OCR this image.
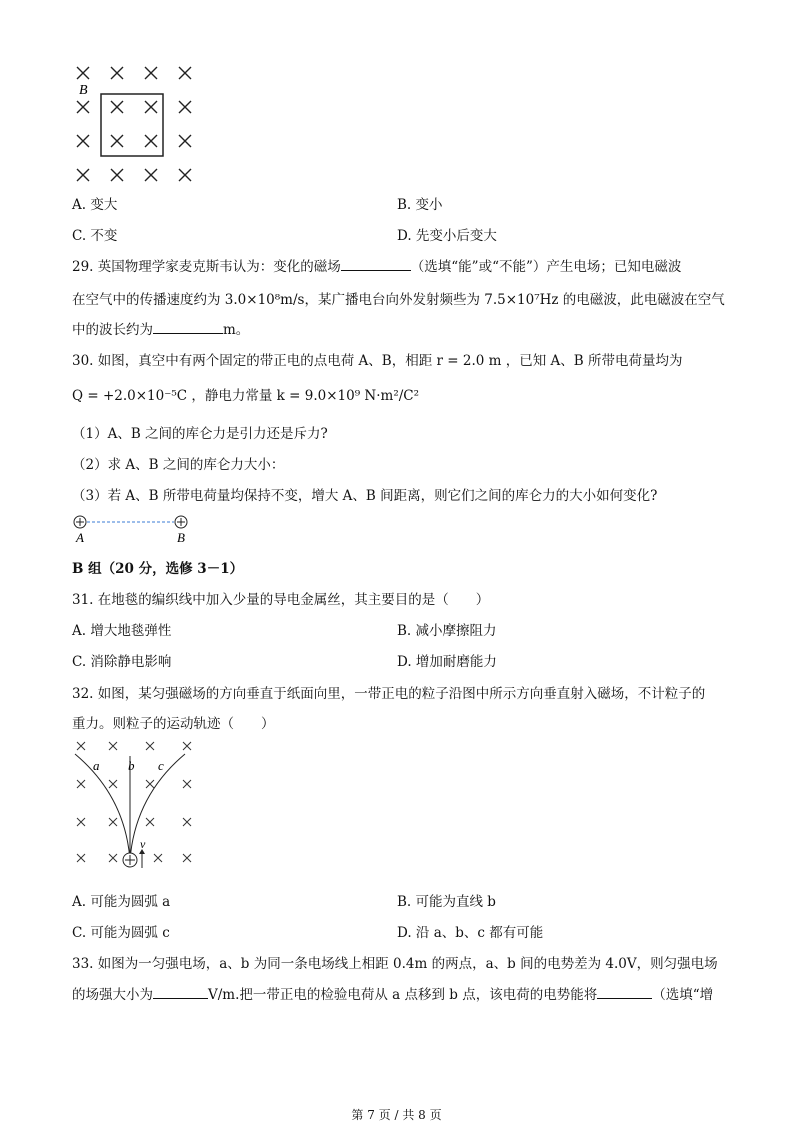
B
A. 变大	B. 变小
C. 不变	D. 先变小后变大
29. 英国物理学家麦克斯韦认为：变化的磁场	（选填“能”或“不能”）产生电场；已知电磁波
在空气中的传播速度约为 3.0×10⁸m/s，某广播电台向外发射频些为 7.5×10⁷Hz 的电磁波，此电磁波在空气
中的波长约为	m。
30. 如图，真空中有两个固定的带正电的点电荷 A、B，相距 r = 2.0 m ，已知 A、B 所带电荷量均为
Q = +2.0×10⁻⁵C ，静电力常量 k = 9.0×10⁹ N·m²/C²
（1）A、B 之间的库仑力是引力还是斥力?
（2）求 A、B 之间的库仑力大小：
（3）若 A、B 所带电荷量均保持不变，增大 A、B 间距离，则它们之间的库仑力的大小如何变化?
A	B
B 组（20 分，选修 3－1）
31. 在地毯的编织线中加入少量的导电金属丝，其主要目的是（　　）
A. 增大地毯弹性	B. 减小摩擦阻力
C. 消除静电影响	D. 增加耐磨能力
32. 如图，某匀强磁场的方向垂直于纸面向里，一带正电的粒子沿图中所示方向垂直射入磁场，不计粒子的
重力。则粒子的运动轨迹（　　）
a b c
v
A. 可能为圆弧 a	B. 可能为直线 b
C. 可能为圆弧 c	D. 沿 a、b、c 都有可能
33. 如图为一匀强电场，a、b 为同一条电场线上相距 0.4m 的两点，a、b 间的电势差为 4.0V，则匀强电场
的场强大小为	V/m.把一带正电的检验电荷从 a 点移到 b 点，该电荷的电势能将	（选填“增
第 7 页 / 共 8 页
